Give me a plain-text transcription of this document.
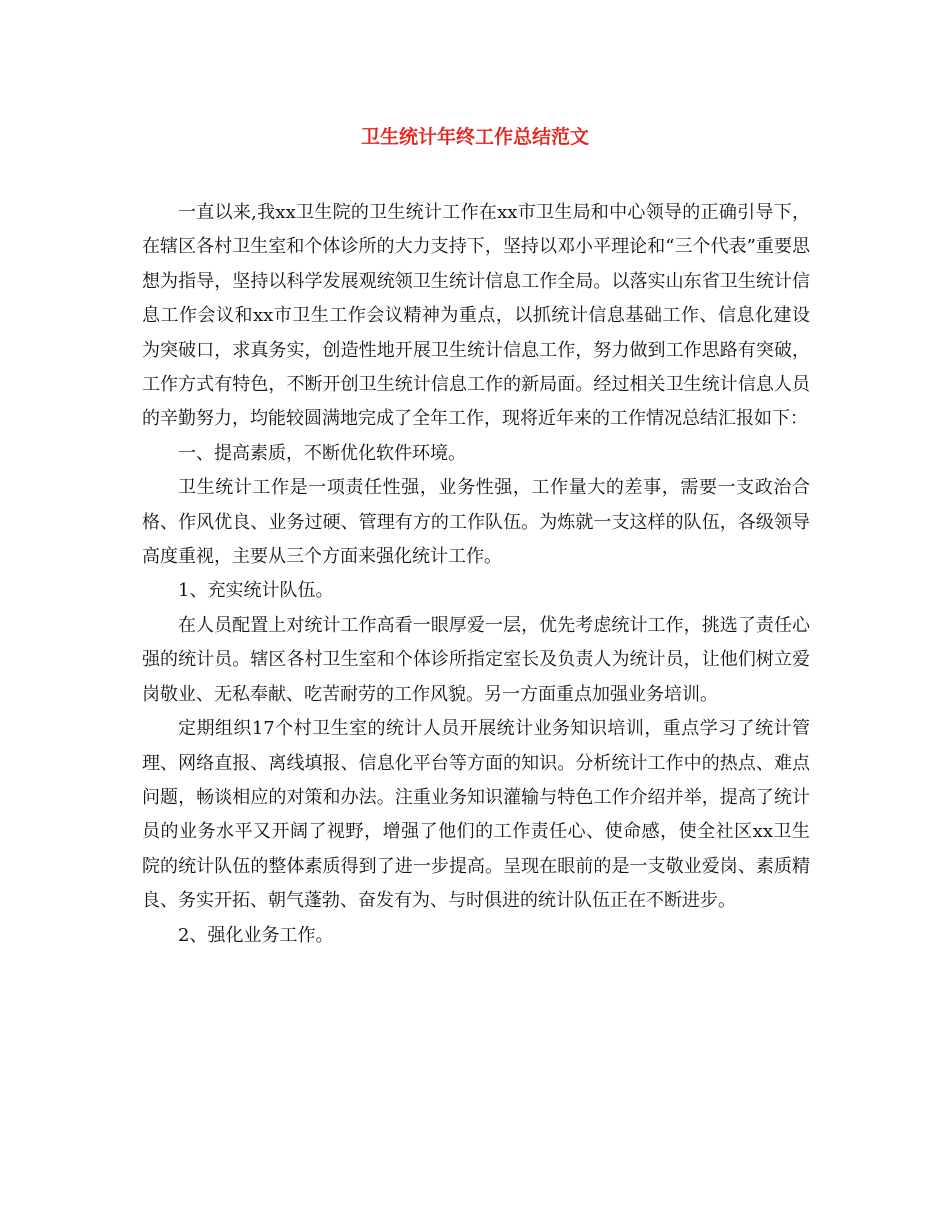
卫生统计年终工作总结范文

一直以来,我xx卫生院的卫生统计工作在xx市卫生局和中心领导的正确引导下，在辖区各村卫生室和个体诊所的大力支持下，坚持以邓小平理论和“三个代表”重要思想为指导，坚持以科学发展观统领卫生统计信息工作全局。以落实山东省卫生统计信息工作会议和xx市卫生工作会议精神为重点，以抓统计信息基础工作、信息化建设为突破口，求真务实，创造性地开展卫生统计信息工作，努力做到工作思路有突破，工作方式有特色，不断开创卫生统计信息工作的新局面。经过相关卫生统计信息人员的辛勤努力，均能较圆满地完成了全年工作，现将近年来的工作情况总结汇报如下：

一、提高素质，不断优化软件环境。

卫生统计工作是一项责任性强，业务性强，工作量大的差事，需要一支政治合格、作风优良、业务过硬、管理有方的工作队伍。为炼就一支这样的队伍，各级领导高度重视，主要从三个方面来强化统计工作。

1、充实统计队伍。

在人员配置上对统计工作高看一眼厚爱一层，优先考虑统计工作，挑选了责任心强的统计员。辖区各村卫生室和个体诊所指定室长及负责人为统计员，让他们树立爱岗敬业、无私奉献、吃苦耐劳的工作风貌。另一方面重点加强业务培训。

定期组织17个村卫生室的统计人员开展统计业务知识培训，重点学习了统计管理、网络直报、离线填报、信息化平台等方面的知识。分析统计工作中的热点、难点问题，畅谈相应的对策和办法。注重业务知识灌输与特色工作介绍并举，提高了统计员的业务水平又开阔了视野，增强了他们的工作责任心、使命感，使全社区xx卫生院的统计队伍的整体素质得到了进一步提高。呈现在眼前的是一支敬业爱岗、素质精良、务实开拓、朝气蓬勃、奋发有为、与时俱进的统计队伍正在不断进步。

2、强化业务工作。
